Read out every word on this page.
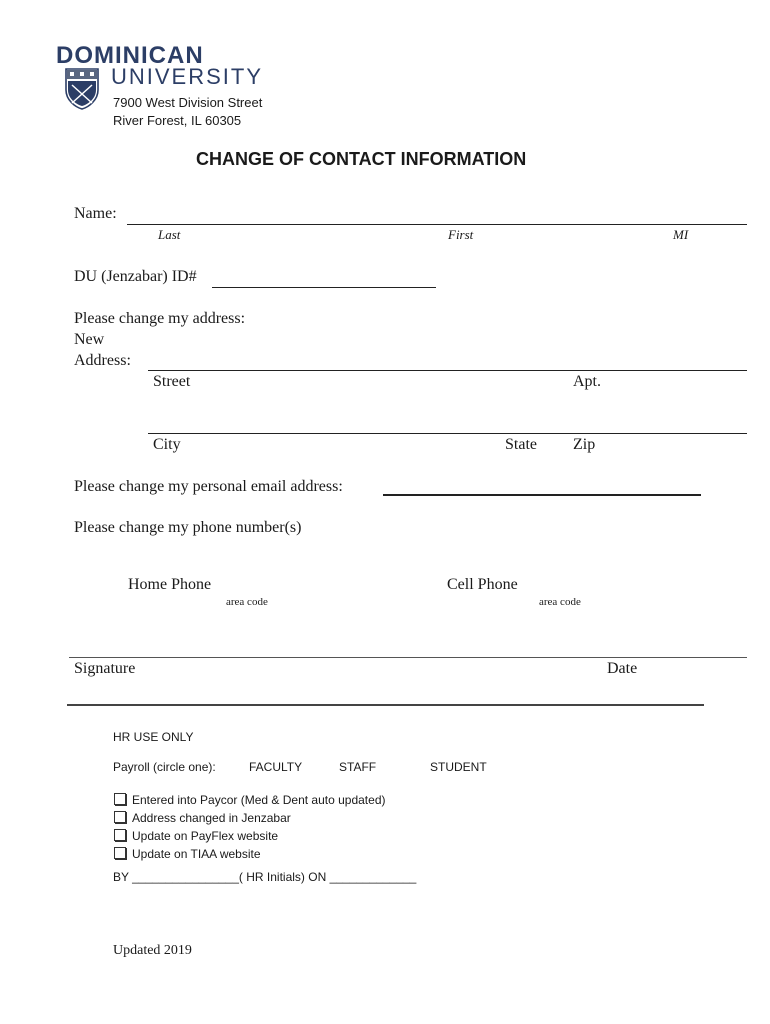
DOMINICAN
UNIVERSITY
7900 West Division Street
River Forest, IL 60305
CHANGE OF CONTACT INFORMATION
Name:
Last	First	MI
DU (Jenzabar) ID#
Please change my address:
New
Address:
Street	Apt.
City	State Zip
Please change my personal email address:
Please change my phone number(s)
Home Phone
area code
Cell Phone
area code
Signature	Date
HR USE ONLY
Payroll (circle one):	FACULTY	STAFF	STUDENT
Entered into Paycor (Med & Dent auto updated)
Address changed in Jenzabar
Update on PayFlex website
Update on TIAA website
BY ________________( HR Initials) ON _____________
Updated 2019
